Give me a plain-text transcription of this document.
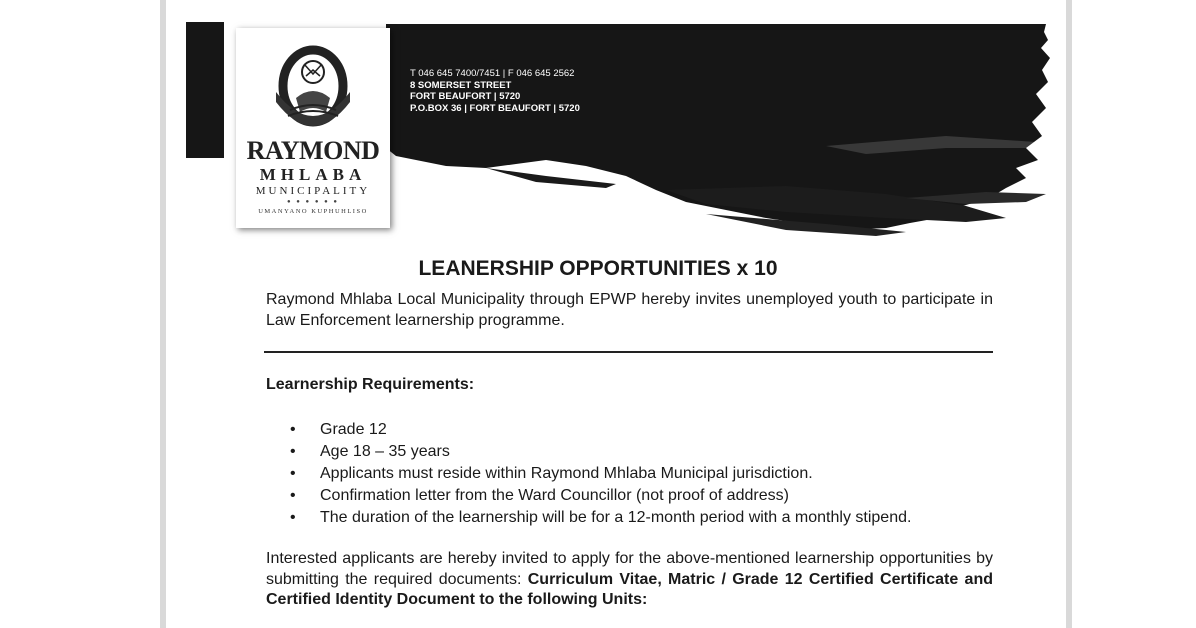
RAYMOND
MHLABA
MUNICIPALITY
● ● ● ● ● ●
UMANYANO KUPHUHLISO
T 046 645 7400/7451 | F 046 645 2562
8 SOMERSET STREET
FORT BEAUFORT | 5720
P.O.BOX 36 | FORT BEAUFORT | 5720
LEANERSHIP OPPORTUNITIES x 10
Raymond Mhlaba Local Municipality through EPWP hereby invites unemployed youth to participate in Law Enforcement learnership programme.
Learnership Requirements:
• Grade 12
• Age 18 – 35 years
• Applicants must reside within Raymond Mhlaba Municipal jurisdiction.
• Confirmation letter from the Ward Councillor (not proof of address)
• The duration of the learnership will be for a 12-month period with a monthly stipend.
Interested applicants are hereby invited to apply for the above-mentioned learnership opportunities by submitting the required documents: Curriculum Vitae, Matric / Grade 12 Certified Certificate and Certified Identity Document to the following Units:
